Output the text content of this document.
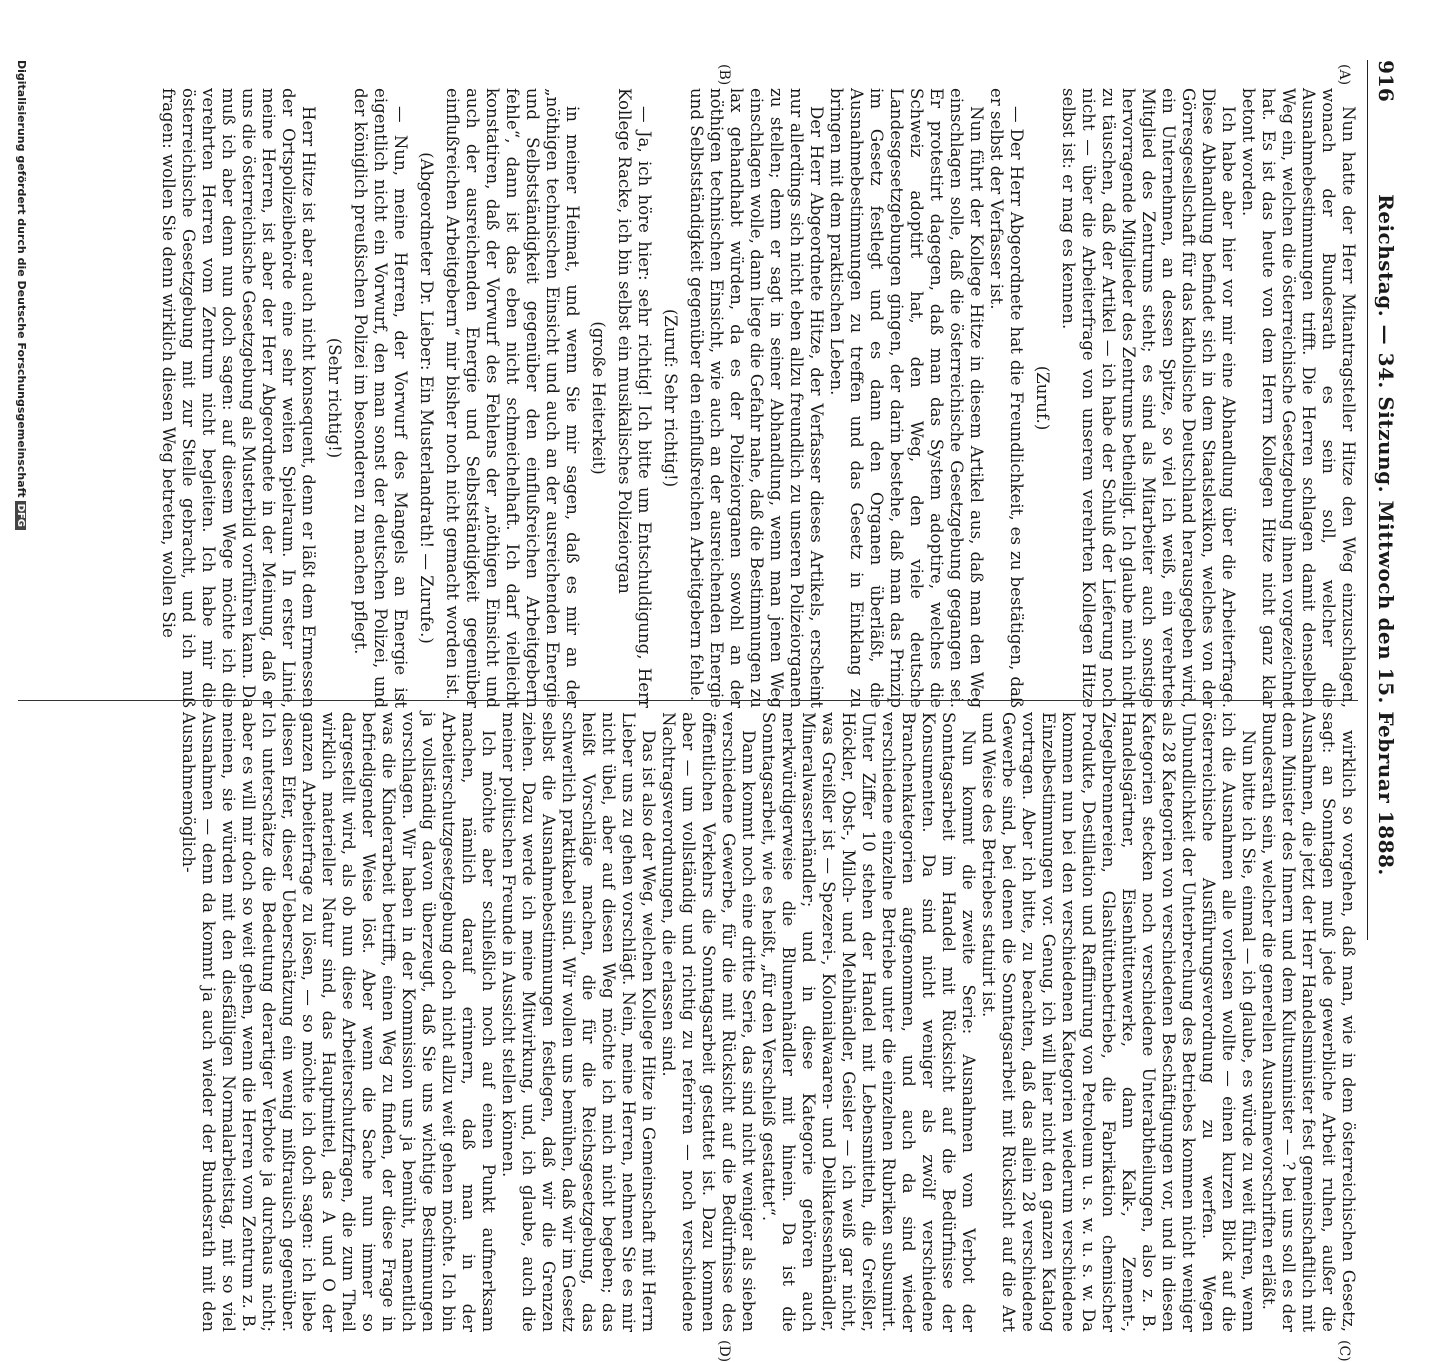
916
Reichstag. — 34. Sitzung. Mittwoch den 15. Februar 1888.
(A)
(B)
(C)
(D)

Nun hatte der Herr Mitantragsteller Hitze den Weg einzuschlagen, wonach der Bundesrath es sein soll, welcher die Ausnahmebestimmungen trifft. Die Herren schlagen damit denselben Weg ein, welchen die österreichische Gesetzgebung ihnen vorgezeichnet hat. Es ist das heute von dem Herrn Kollegen Hitze nicht ganz klar betont worden.

Ich habe aber hier vor mir eine Abhandlung über die Arbeiterfrage. Diese Abhandlung befindet sich in dem Staatslexikon, welches von der Görresgesellschaft für das katholische Deutschland herausgegeben wird, ein Unternehmen, an dessen Spitze, so viel ich weiß, ein verehrtes Mitglied des Zentrums steht; es sind als Mitarbeiter auch sonstige hervorragende Mitglieder des Zentrums betheiligt. Ich glaube mich nicht zu täuschen, daß der Artikel — ich habe der Schluß der Lieferung noch nicht — über die Arbeiterfrage von unserem verehrten Kollegen Hitze selbst ist: er mag es kennen.

(Zuruf.)

— Der Herr Abgeordnete hat die Freundlichkeit, es zu bestätigen, daß er selbst der Verfasser ist.

Nun führt der Kollege Hitze in diesem Artikel aus, daß man den Weg einschlagen solle, daß die österreichische Gesetzgebung gegangen sei. Er protestirt dagegen, daß man das System adoptire, welches die Schweiz adoptirt hat, den Weg, den viele deutsche Landesgesetzgebungen gingen, der darin bestehe, daß man das Prinzip im Gesetz festlegt und es dann den Organen überläßt, die Ausnahmebestimmungen zu treffen und das Gesetz in Einklang zu bringen mit dem praktischen Leben.

Der Herr Abgeordnete Hitze, der Verfasser dieses Artikels, erscheint nur allerdings sich nicht eben allzu freundlich zu unseren Polizeiorganen zu stellen; denn er sagt in seiner Abhandlung, wenn man jenen Weg einschlagen wolle, dann liege die Gefahr nahe, daß die Bestimmungen zu lax gehandhabt würden, da es der Polizeiorganen sowohl an der nöthigen technischen Einsicht, wie auch an der ausreichenden Energie und Selbstständigkeit gegenüber den einflußreichen Arbeitgebern fehle.

(Zuruf: Sehr richtig!)

— Ja, ich höre hier: sehr richtig! Ich bitte um Entschuldigung, Herr Kollege Racke, ich bin selbst ein musikalisches Polizeiorgan

(große Heiterkeit)

in meiner Heimat, und wenn Sie mir sagen, daß es mir an der „nöthigen technischen Einsicht und auch an der ausreichenden Energie und Selbstständigkeit gegenüber den einflußreichen Arbeitgebern fehle“, dann ist das eben nicht schmeichelhaft. Ich darf vielleicht konstatiren, daß der Vorwurf des Fehlens der „nöthigen Einsicht und auch der ausreichenden Energie und Selbstständigkeit gegenüber einflußreichen Arbeitgebern“ mir bisher noch nicht gemacht worden ist.

(Abgeordneter Dr. Lieber: Ein Musterlandrath! — Zurufe.)

— Nun, meine Herren, der Vorwurf des Mangels an Energie ist eigentlich nicht ein Vorwurf, den man sonst der deutschen Polizei, und der königlich preußischen Polizei im besonderen zu machen pflegt.

(Sehr richtig!)

Herr Hitze ist aber auch nicht konsequent, denn er läßt dem Ermessen der Ortspolizeibehörde eine sehr weiten Spielraum. In erster Linie, meine Herren, ist aber der Herr Abgeordnete in der Meinung, daß er uns die österreichische Gesetzgebung als Musterbild vorführen kann. Da muß ich aber denn nun doch sagen: auf diesem Wege möchte ich die verehrten Herren vom Zentrum nicht begleiten. Ich habe mir die österreichische Gesetzgebung mit zur Stelle gebracht, und ich muß fragen: wollen Sie denn wirklich diesen Weg betreten, wollen Sie

wirklich so vorgehen, daß man, wie in dem österreichischen Gesetz, sagt: an Sonntagen muß jede gewerbliche Arbeit ruhen, außer die Ausnahmen, die jetzt der Herr Handelsminister fest gemeinschaftlich mit dem Minister des Innern und dem Kultusminister — ? bei uns soll es der Bundesrath sein, welcher die generellen Ausnahmevorschriften erläßt.

Nun bitte ich Sie, einmal — ich glaube, es würde zu weit führen, wenn ich die Ausnahmen alle vorlesen wollte — einen kurzen Blick auf die österreichische Ausführungsverordnung zu werfen. Wegen Unbundlichkeit der Unterbrechung des Betriebes kommen nicht weniger als 28 Kategorien von verschiedenen Beschäftigungen vor, und in diesen Kategorien stecken noch verschiedene Unterabtheilungen, also z. B. Handelsgärtner, Eisenhüttenwerke, dann Kalk-, Zement-, Ziegelbrennereien, Glashüttenbetriebe, die Fabrikation chemischer Produkte, Destillation und Raffinirung von Petroleum u. s. w. u. s. w. Da kommen nun bei den verschiedenen Kategorien wiederum verschiedene Einzelbestimmungen vor. Genug, ich will hier nicht den ganzen Katalog vortragen. Aber ich bitte, zu beachten, daß das allein 28 verschiedene Gewerbe sind, bei denen die Sonntagsarbeit mit Rücksicht auf die Art und Weise des Betriebes statuirt ist.

Nun kommt die zweite Serie: Ausnahmen vom Verbot der Sonntagsarbeit im Handel mit Rücksicht auf die Bedürfnisse der Konsumenten. Da sind nicht weniger als zwölf verschiedene Branchenkategorien aufgenommen, und auch da sind wieder verschiedene einzelne Betriebe unter die einzelnen Rubriken subsumirt. Unter Ziffer 10 stehen der Handel mit Lebensmitteln, die Greißler, Höckler, Obst-, Milch- und Mehlhändler, Geisler — ich weiß gar nicht, was Greißler ist — Spezerei-, Kolonialwaaren- und Delikatessenhändler, Mineralwasserhändler; und in diese Kategorie gehören auch merkwürdigerweise die Blumenhändler mit hinein. Da ist die Sonntagsarbeit, wie es heißt, „für den Verschleiß gestattet“.

Dann kommt noch eine dritte Serie, das sind nicht weniger als sieben verschiedene Gewerbe, für die mit Rücksicht auf die Bedürfnisse des öffentlichen Verkehrs die Sonntagsarbeit gestattet ist. Dazu kommen aber — um vollständig und richtig zu referiren — noch verschiedene Nachtragsverordnungen, die erlassen sind.

Das ist also der Weg, welchen Kollege Hitze in Gemeinschaft mit Herrn Lieber uns zu gehen vorschlägt. Nein, meine Herren, nehmen Sie es mir nicht übel, aber auf diesen Weg möchte ich mich nicht begeben; das heißt Vorschläge machen, die für die Reichsgesetzgebung, das schwerlich praktikabel sind. Wir wollen uns bemühen, daß wir im Gesetz selbst die Ausnahmebestimmungen festlegen, daß wir die Grenzen ziehen. Dazu werde ich meine Mitwirkung, und, ich glaube, auch die meiner politischen Freunde in Aussicht stellen können.

Ich möchte aber schließlich noch auf einen Punkt aufmerksam machen, nämlich darauf erinnern, daß man in der Arbeiterschutzgesetzgebung doch nicht allzu weit gehen möchte. Ich bin ja vollständig davon überzeugt, daß Sie uns wichtige Bestimmungen vorschlagen. Wir haben in der Kommission uns ja bemüht, namentlich was die Kinderarbeit betrifft, einen Weg zu finden, der diese Frage in befriedigender Weise löst. Aber wenn die Sache nun immer so dargestellt wird, als ob nun diese Arbeiterschutzfragen, die zum Theil wirklich materieller Natur sind, das Hauptmittel, das A und O der ganzen Arbeiterfrage zu lösen, — so möchte ich doch sagen: ich liebe diesen Eifer, dieser Ueberschätzung ein wenig mißtrauisch gegenüber. Ich unterschätze die Bedeutung derartiger Verbote ja durchaus nicht; aber es will mir doch so weit gehen, wenn die Herren vom Zentrum z. B. meinen, sie würden mit den diesfälligen Normalarbeitstag, mit so viel Ausnahmen — denn da kommt ja auch wieder der Bundesrath mit den Ausnahmemöglich-

Digitalisierung gefördert durch die Deutsche ForschungsgemeinschaftDFG
